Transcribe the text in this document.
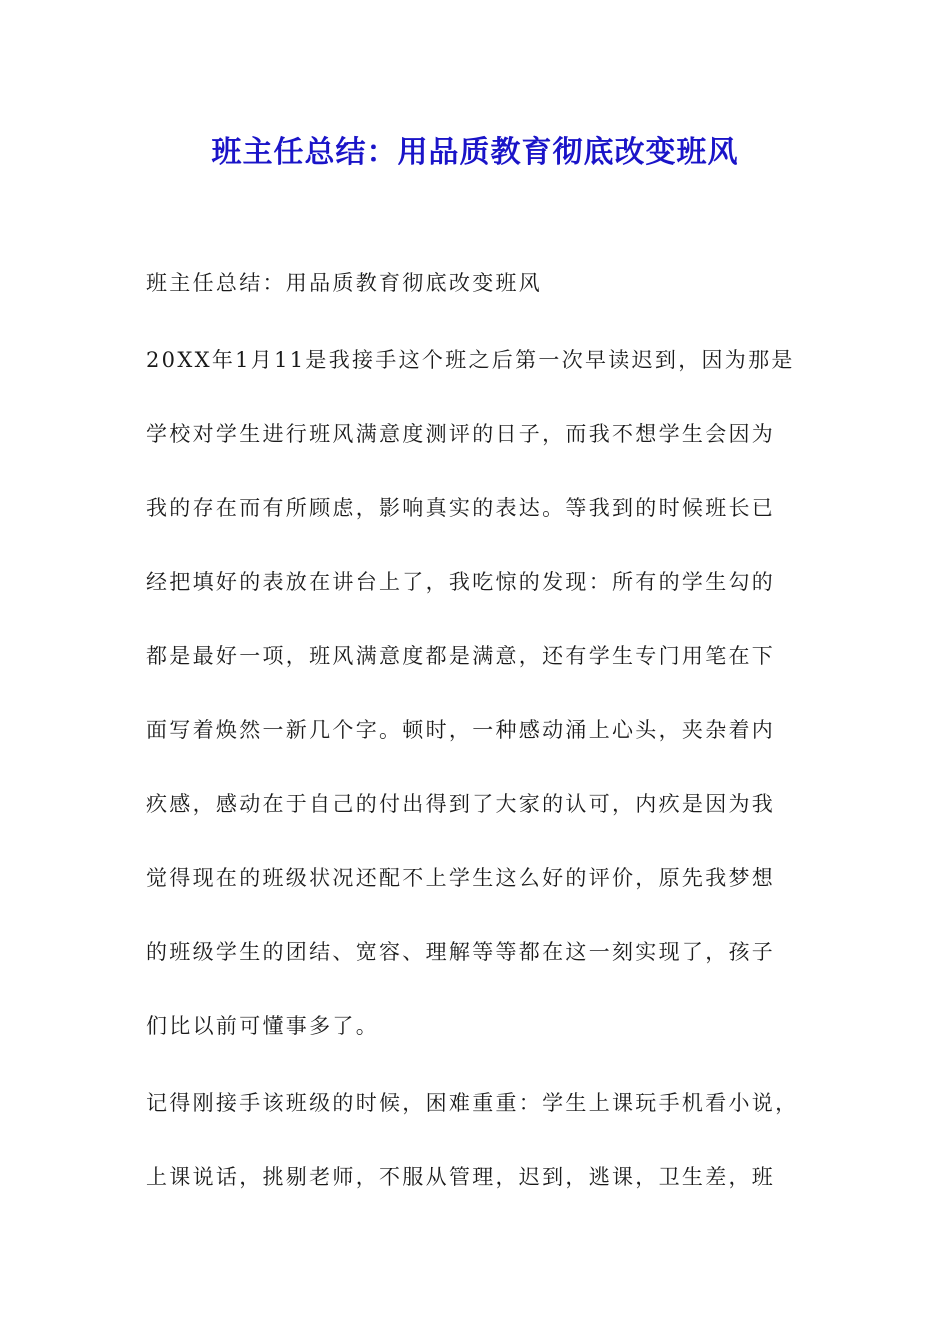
班主任总结：用品质教育彻底改变班风

班主任总结：用品质教育彻底改变班风

20XX年1月11是我接手这个班之后第一次早读迟到，因为那是

学校对学生进行班风满意度测评的日子，而我不想学生会因为

我的存在而有所顾虑，影响真实的表达。等我到的时候班长已

经把填好的表放在讲台上了，我吃惊的发现：所有的学生勾的

都是最好一项，班风满意度都是满意，还有学生专门用笔在下

面写着焕然一新几个字。顿时，一种感动涌上心头，夹杂着内

疚感，感动在于自己的付出得到了大家的认可，内疚是因为我

觉得现在的班级状况还配不上学生这么好的评价，原先我梦想

的班级学生的团结、宽容、理解等等都在这一刻实现了，孩子

们比以前可懂事多了。

记得刚接手该班级的时候，困难重重：学生上课玩手机看小说，

上课说话，挑剔老师，不服从管理，迟到，逃课，卫生差，班
